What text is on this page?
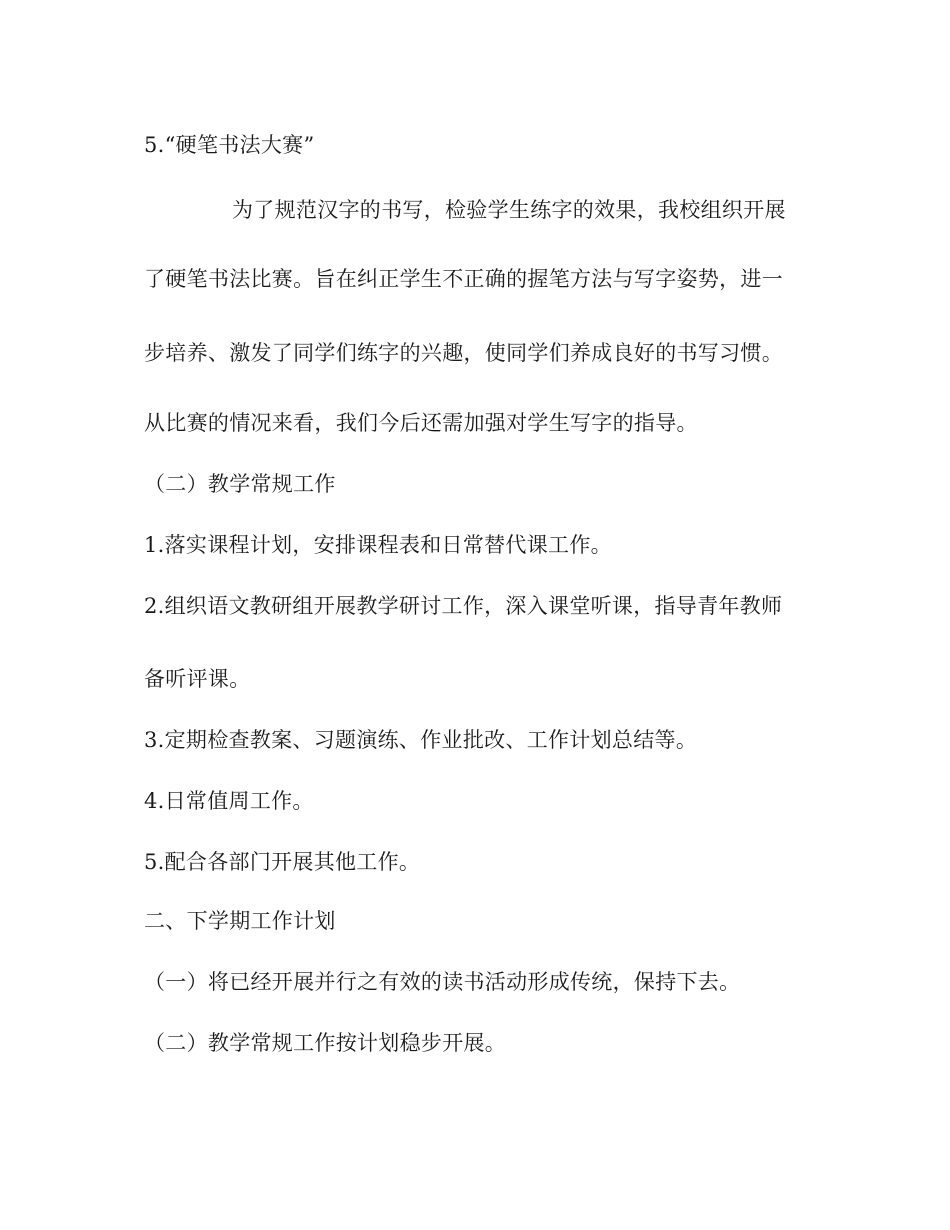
5.“硬笔书法大赛”
为了规范汉字的书写，检验学生练字的效果，我校组织开展
了硬笔书法比赛。旨在纠正学生不正确的握笔方法与写字姿势，进一
步培养、激发了同学们练字的兴趣，使同学们养成良好的书写习惯。
从比赛的情况来看，我们今后还需加强对学生写字的指导。
（二）教学常规工作
1.落实课程计划，安排课程表和日常替代课工作。
2.组织语文教研组开展教学研讨工作，深入课堂听课，指导青年教师
备听评课。
3.定期检查教案、习题演练、作业批改、工作计划总结等。
4.日常值周工作。
5.配合各部门开展其他工作。
二、下学期工作计划
（一）将已经开展并行之有效的读书活动形成传统，保持下去。
（二）教学常规工作按计划稳步开展。
